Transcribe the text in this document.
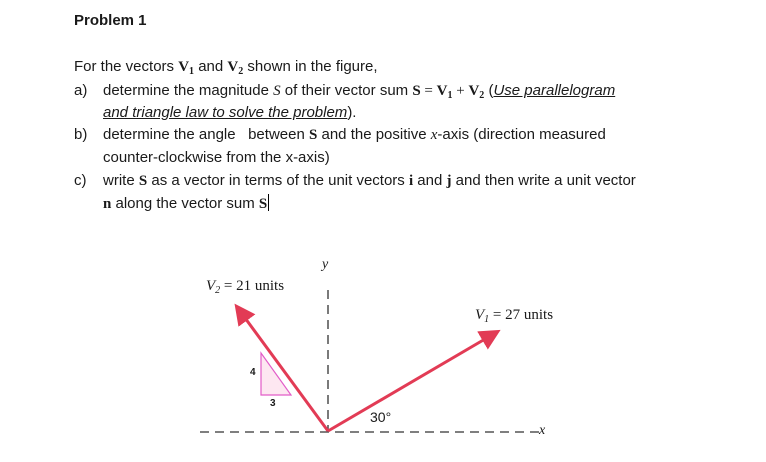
Problem 1
For the vectors $V_1$ and $V_2$ shown in the figure,
a) determine the magnitude S of their vector sum $S = V_1 + V_2$ (Use parallelogram
and triangle law to solve the problem).
b) determine the angle   between S and the positive x-axis (direction measured
counter-clockwise from the x-axis)
c) write S as a vector in terms of the unit vectors i and j and then write a unit vector
n along the vector sum S
y
x
$V_2 = 21$ units
$V_1 = 27$ units
30°
4
3
